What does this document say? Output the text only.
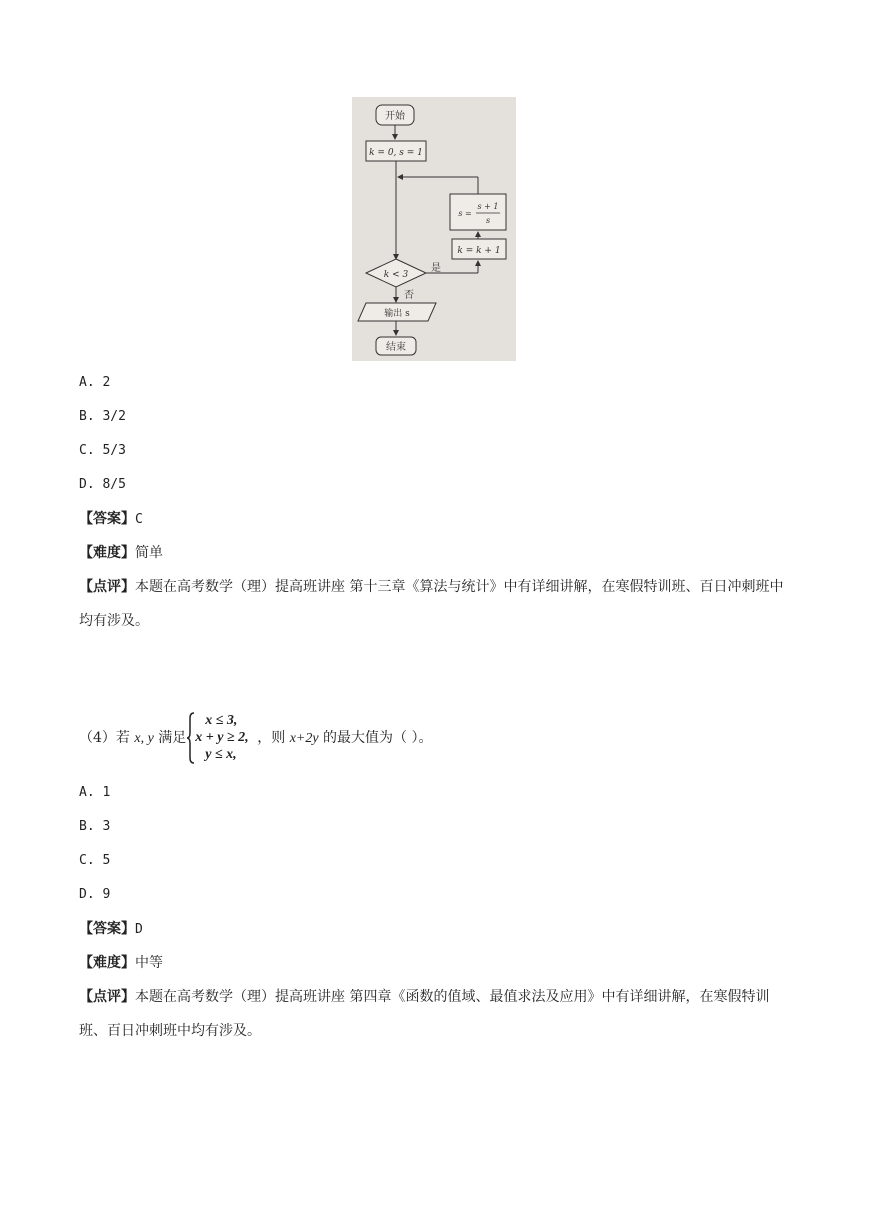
开始
k = 0, s = 1
s =
s + 1
s
k = k + 1
k < 3
是
否
输出 s
结束
A. 2
B. 3/2
C. 5/3
D. 8/5
【答案】C
【难度】简单
【点评】本题在高考数学（理）提高班讲座 第十三章《算法与统计》中有详细讲解，在寒假特训班、百日冲刺班中均有涉及。
（4）若 x, y 满足
x ≤ 3,
x + y ≥ 2,
y ≤ x,
，则 x+2y 的最大值为（ ）。
A. 1
B. 3
C. 5
D. 9
【答案】D
【难度】中等
【点评】本题在高考数学（理）提高班讲座 第四章《函数的值域、最值求法及应用》中有详细讲解，在寒假特训班、百日冲刺班中均有涉及。
